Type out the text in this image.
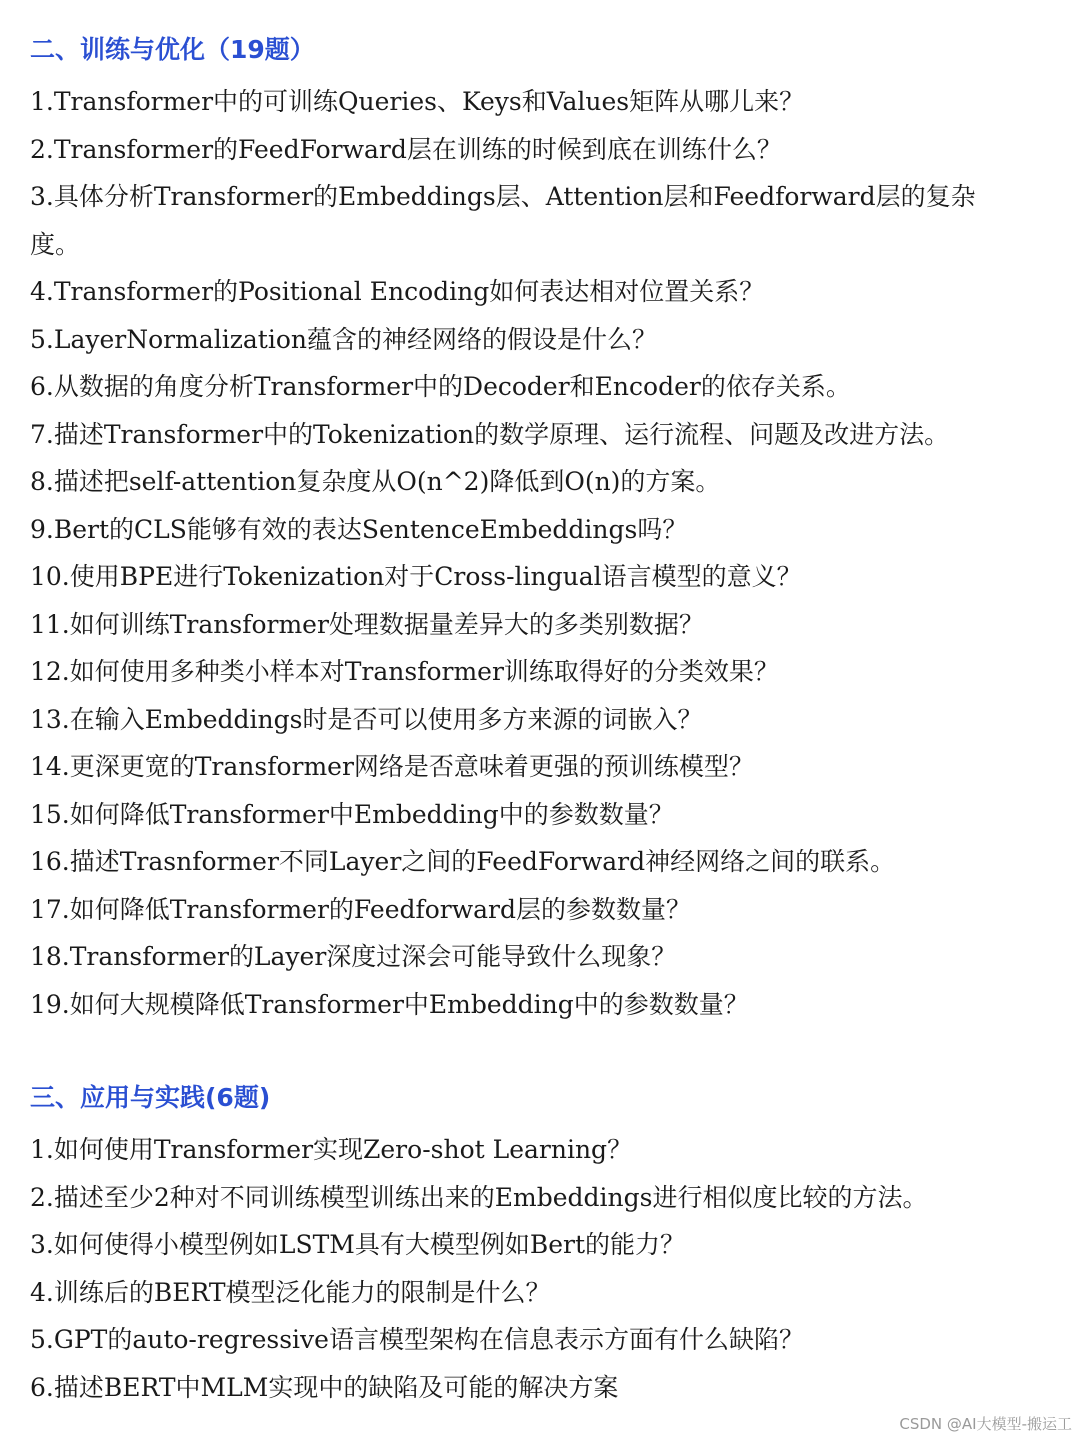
二、训练与优化（19题）
1.Transformer中的可训练Queries、Keys和Values矩阵从哪儿来？
2.Transformer的FeedForward层在训练的时候到底在训练什么？
3.具体分析Transformer的Embeddings层、Attention层和Feedforward层的复杂度。
4.Transformer的Positional Encoding如何表达相对位置关系？
5.LayerNormalization蕴含的神经网络的假设是什么？
6.从数据的角度分析Transformer中的Decoder和Encoder的依存关系。
7.描述Transformer中的Tokenization的数学原理、运行流程、问题及改进方法。
8.描述把self-attention复杂度从O(n^2)降低到O(n)的方案。
9.Bert的CLS能够有效的表达SentenceEmbeddings吗？
10.使用BPE进行Tokenization对于Cross-lingual语言模型的意义？
11.如何训练Transformer处理数据量差异大的多类别数据？
12.如何使用多种类小样本对Transformer训练取得好的分类效果？
13.在输入Embeddings时是否可以使用多方来源的词嵌入？
14.更深更宽的Transformer网络是否意味着更强的预训练模型？
15.如何降低Transformer中Embedding中的参数数量？
16.描述Trasnformer不同Layer之间的FeedForward神经网络之间的联系。
17.如何降低Transformer的Feedforward层的参数数量？
18.Transformer的Layer深度过深会可能导致什么现象？
19.如何大规模降低Transformer中Embedding中的参数数量？
三、应用与实践(6题)
1.如何使用Transformer实现Zero-shot Learning？
2.描述至少2种对不同训练模型训练出来的Embeddings进行相似度比较的方法。
3.如何使得小模型例如LSTM具有大模型例如Bert的能力？
4.训练后的BERT模型泛化能力的限制是什么？
5.GPT的auto-regressive语言模型架构在信息表示方面有什么缺陷？
6.描述BERT中MLM实现中的缺陷及可能的解决方案
CSDN @AI大模型-搬运工
